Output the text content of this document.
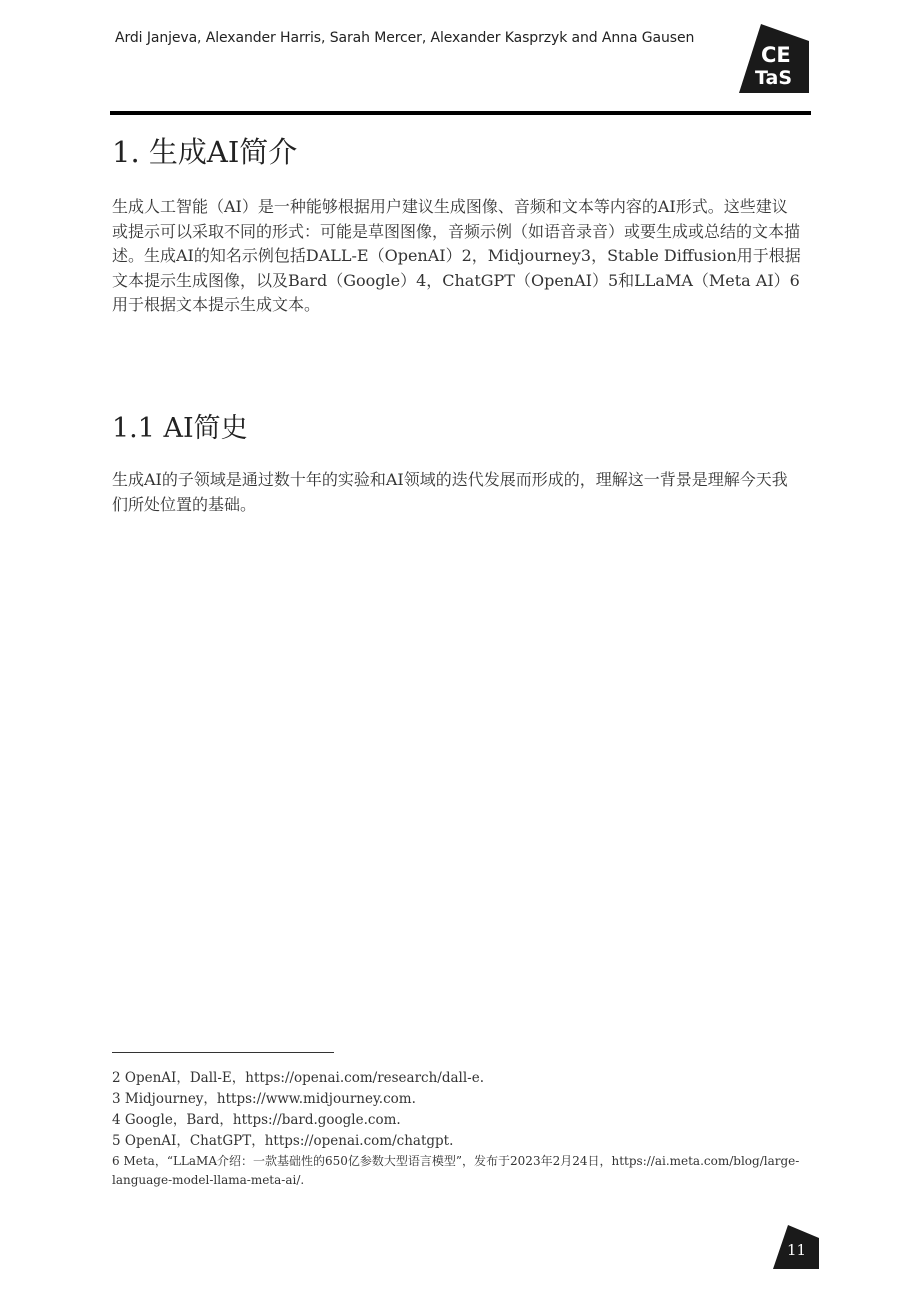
Ardi Janjeva, Alexander Harris, Sarah Mercer, Alexander Kasprzyk and Anna Gausen
CE
TaS
1. 生成AI简介

生成人工智能（AI）是一种能够根据用户建议生成图像、音频和文本等内容的AI形式。这些建议或提示可以采取不同的形式：可能是草图图像，音频示例（如语音录音）或要生成或总结的文本描述。生成AI的知名示例包括DALL-E（OpenAI）2，Midjourney3，Stable Diffusion用于根据文本提示生成图像，以及Bard（Google）4，ChatGPT（OpenAI）5和LLaMA（Meta AI）6用于根据文本提示生成文本。

1.1 AI简史

生成AI的子领域是通过数十年的实验和AI领域的迭代发展而形成的，理解这一背景是理解今天我们所处位置的基础。

2 OpenAI，Dall-E，https://openai.com/research/dall-e.
3 Midjourney，https://www.midjourney.com.
4 Google，Bard，https://bard.google.com.
5 OpenAI，ChatGPT，https://openai.com/chatgpt.
6 Meta，“LLaMA介绍：一款基础性的650亿参数大型语言模型”，发布于2023年2月24日，https://ai.meta.com/blog/large-language-model-llama-meta-ai/.
11
